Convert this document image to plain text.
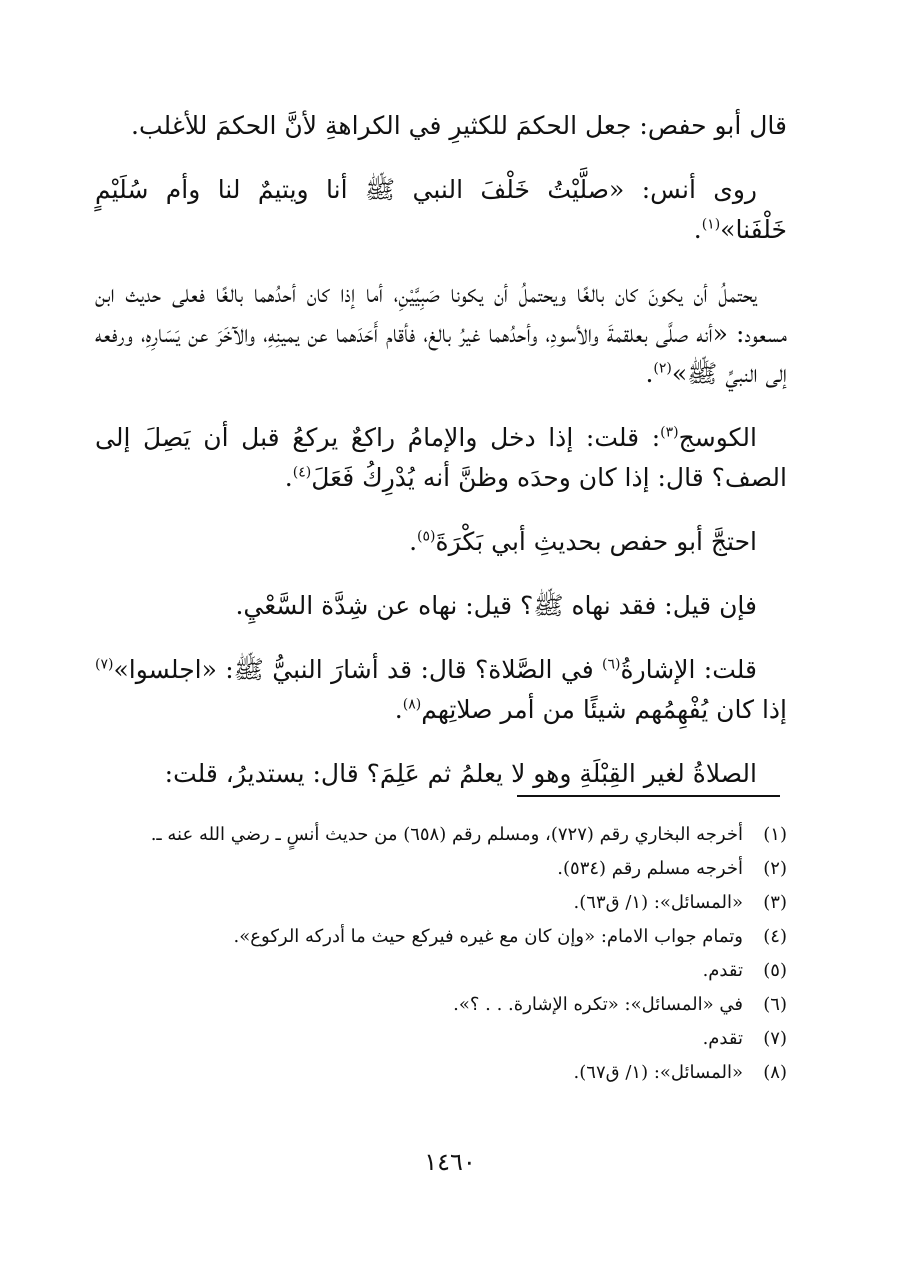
قال أبو حفص: جعل الحكمَ للكثيرِ في الكراهةِ لأنَّ الحكمَ للأغلب.

روى أنس: «صلَّيْتُ خَلْفَ النبي ﷺ أنا ويتيمٌ لنا وأم سُلَيْمٍ خَلْفَنا»$^{(١)}$.

يحتملُ أن يكونَ كان بالغًا ويحتملُ أن يكونا صَبِيَّيْنِ، أما إذا كان أحدُهما بالغًا فعلى حديث ابن مسعود: «أنه صلَّى بعلقمةَ والأسودِ، وأحدُهما غيرُ بالغ، فأقام أَحَدَهما عن يمينِهِ، والآخَرَ عن يَسَارِهِ، ورفعه إلى النبيِّ ﷺ»$^{(٢)}$.

الكوسج$^{(٣)}$: قلت: إذا دخل والإمامُ راكعٌ يركعُ قبل أن يَصِلَ إلى الصف؟ قال: إذا كان وحدَه وظنَّ أنه يُدْرِكُ فَعَلَ$^{(٤)}$.

احتجَّ أبو حفص بحديثِ أبي بَكْرَةَ$^{(٥)}$.

فإن قيل: فقد نهاه ﷺ؟ قيل: نهاه عن شِدَّة السَّعْيِ.

قلت: الإشارةُ$^{(٦)}$ في الصَّلاة؟ قال: قد أشارَ النبيُّ ﷺ: «اجلسوا»$^{(٧)}$ إذا كان يُفْهِمُهم شيئًا من أمر صلاتِهم$^{(٨)}$.

الصلاةُ لغير القِبْلَةِ وهو لا يعلمُ ثم عَلِمَ؟ قال: يستديرُ، قلت:

(١)
أخرجه البخاري رقم (٧٢٧)، ومسلم رقم (٦٥٨) من حديث أنسٍ ـ رضي الله عنه ـ.
(٢)
أخرجه مسلم رقم (٥٣٤).
(٣)
«المسائل»: (١/ ق٦٣).
(٤)
وتمام جواب الامام: «وإن كان مع غيره فيركع حيث ما أدركه الركوع».
(٥)
تقدم.
(٦)
في «المسائل»: «تكره الإشارة. . . ؟».
(٧)
تقدم.
(٨)
«المسائل»: (١/ ق٦٧).
١٤٦٠
